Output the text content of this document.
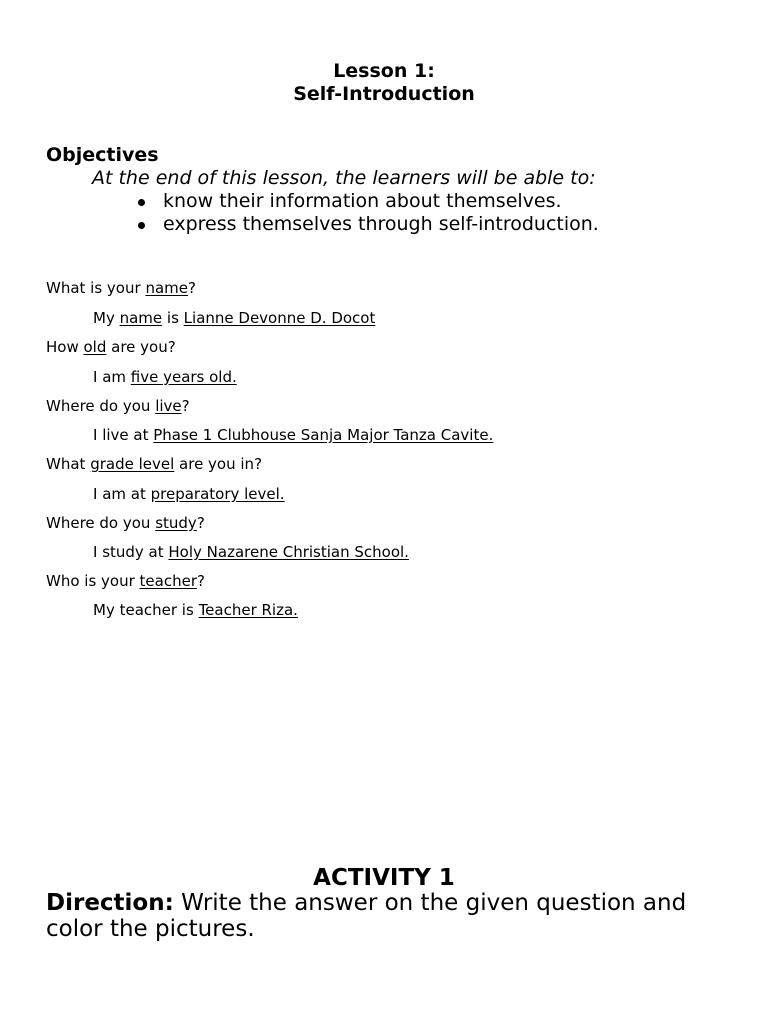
Lesson 1:
Self-Introduction
Objectives
At the end of this lesson, the learners will be able to:
know their information about themselves.
express themselves through self-introduction.
What is your name?
My name is Lianne Devonne D. Docot
How old are you?
I am five years old.
Where do you live?
I live at Phase 1 Clubhouse Sanja Major Tanza Cavite.
What grade level are you in?
I am at preparatory level.
Where do you study?
I study at Holy Nazarene Christian School.
Who is your teacher?
My teacher is Teacher Riza.
ACTIVITY 1
Direction: Write the answer on the given question and color the pictures.
